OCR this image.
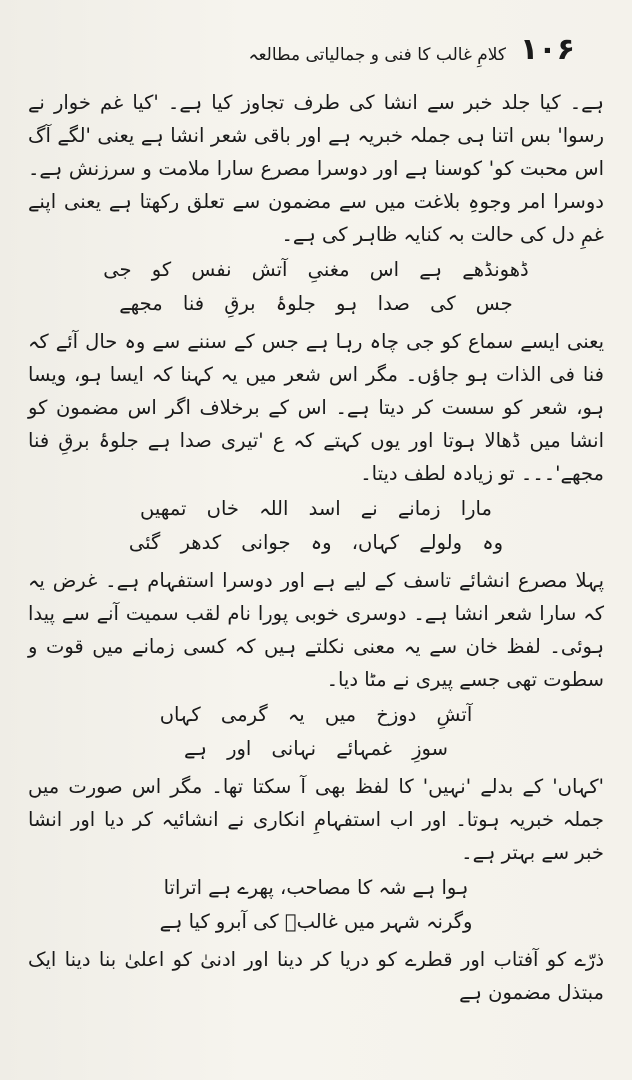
۱۰۶
کلامِ غالب کا فنی و جمالیاتی مطالعہ

ہے۔ کیا جلد خبر سے انشا کی طرف تجاوز کیا ہے۔ 'کیا غم خوار نے رسوا' بس اتنا ہی جملہ خبریہ ہے اور باقی شعر انشا ہے یعنی 'لگے آگ اس محبت کو' کوسنا ہے اور دوسرا مصرع سارا ملامت و سرزنش ہے۔ دوسرا امر وجوہِ بلاغت میں سے مضمون سے تعلق رکھتا ہے یعنی اپنے غمِ دل کی حالت بہ کنایہ ظاہر کی ہے۔

ڈھونڈھے ہے اس مغنیِ آتش نفس کو جی

جس کی صدا ہو جلوۂ برقِ فنا مجھے

یعنی ایسے سماع کو جی چاہ رہا ہے جس کے سننے سے وہ حال آئے کہ فنا فی الذات ہو جاؤں۔ مگر اس شعر میں یہ کہنا کہ ایسا ہو، ویسا ہو، شعر کو سست کر دیتا ہے۔ اس کے برخلاف اگر اس مضمون کو انشا میں ڈھالا ہوتا اور یوں کہتے کہ ع 'تیری صدا ہے جلوۂ برقِ فنا مجھے'۔۔۔ تو زیادہ لطف دیتا۔

مارا زمانے نے اسد اللہ خاں تمھیں

وہ ولولے کہاں، وہ جوانی کدھر گئی

پہلا مصرع انشائے تاسف کے لیے ہے اور دوسرا استفہام ہے۔ غرض یہ کہ سارا شعر انشا ہے۔ دوسری خوبی پورا نام لقب سمیت آنے سے پیدا ہوئی۔ لفظ خان سے یہ معنی نکلتے ہیں کہ کسی زمانے میں قوت و سطوت تھی جسے پیری نے مٹا دیا۔

آتشِ دوزخ میں یہ گرمی کہاں

سوزِ غمہائے نہانی اور ہے

'کہاں' کے بدلے 'نہیں' کا لفظ بھی آ سکتا تھا۔ مگر اس صورت میں جملہ خبریہ ہوتا۔ اور اب استفہامِ انکاری نے انشائیہ کر دیا اور انشا خبر سے بہتر ہے۔

ہوا ہے شہ کا مصاحب، پھرے ہے اتراتا

وگرنہ شہر میں غالبؔ کی آبرو کیا ہے

ذرّے کو آفتاب اور قطرے کو دریا کر دینا اور ادنیٰ کو اعلیٰ بنا دینا ایک مبتذل مضمون ہے
